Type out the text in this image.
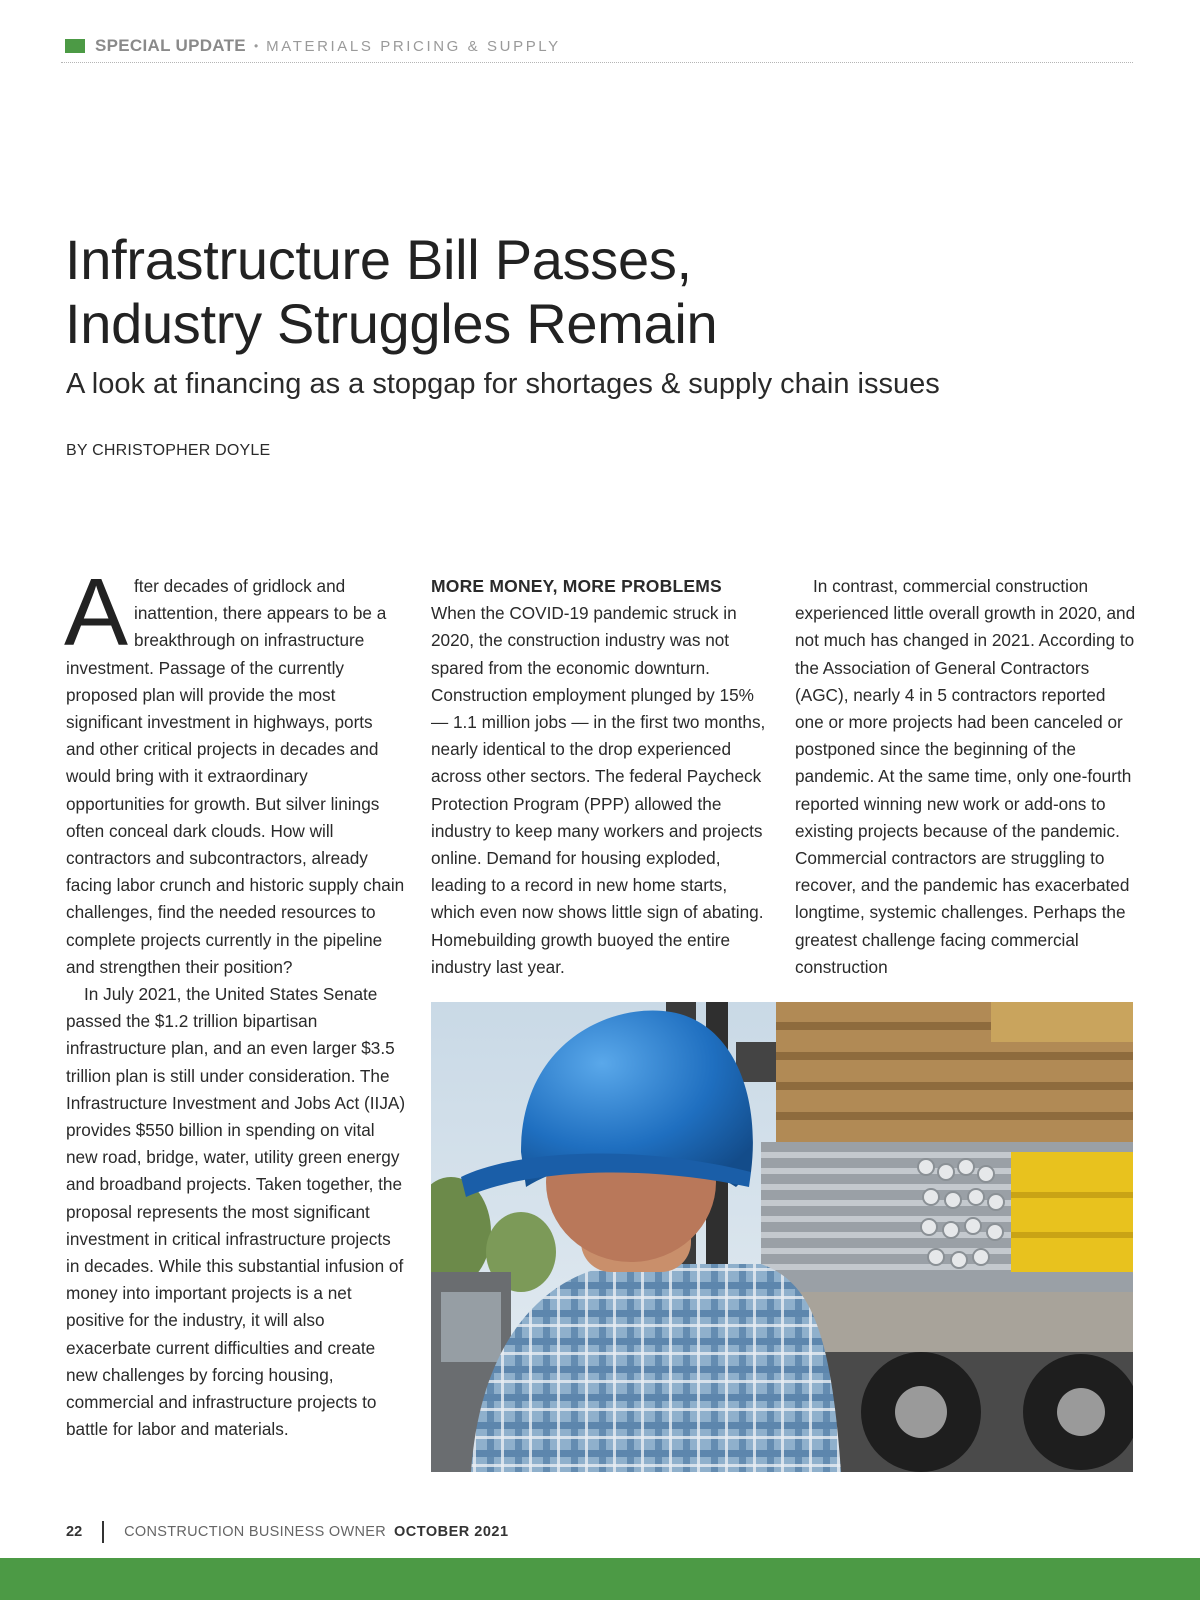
SPECIAL UPDATE • MATERIALS PRICING & SUPPLY
Infrastructure Bill Passes,
Industry Struggles Remain
A look at financing as a stopgap for shortages & supply chain issues
BY CHRISTOPHER DOYLE

After decades of gridlock and inattention, there appears to be a breakthrough on infrastructure investment. Passage of the currently proposed plan will provide the most significant investment in highways, ports and other critical projects in decades and would bring with it extraordinary opportunities for growth. But silver linings often conceal dark clouds. How will contractors and subcontractors, already facing labor crunch and historic supply chain challenges, find the needed resources to complete projects currently in the pipeline and strengthen their position?

In July 2021, the United States Senate passed the $1.2 trillion bipartisan infrastructure plan, and an even larger $3.5 trillion plan is still under consideration. The Infrastructure Investment and Jobs Act (IIJA) provides $550 billion in spending on vital new road, bridge, water, utility green energy and broadband projects. Taken together, the proposal represents the most significant investment in critical infrastructure projects in decades. While this substantial infusion of money into important projects is a net positive for the industry, it will also exacerbate current difficulties and create new challenges by forcing housing, commercial and infrastructure projects to battle for labor and materials.

MORE MONEY, MORE PROBLEMS

When the COVID-19 pandemic struck in 2020, the construction industry was not spared from the economic downturn. Construction employment plunged by 15% — 1.1 million jobs — in the first two months, nearly identical to the drop experienced across other sectors. The federal Paycheck Protection Program (PPP) allowed the industry to keep many workers and projects online. Demand for housing exploded, leading to a record in new home starts, which even now shows little sign of abating. Homebuilding growth buoyed the entire industry last year.

In contrast, commercial construction experienced little overall growth in 2020, and not much has changed in 2021. According to the Association of General Contractors (AGC), nearly 4 in 5 contractors reported one or more projects had been canceled or postponed since the beginning of the pandemic. At the same time, only one-fourth reported winning new work or add-ons to existing projects because of the pandemic. Commercial contractors are struggling to recover, and the pandemic has exacerbated longtime, systemic challenges. Perhaps the greatest challenge facing commercial construction

22	CONSTRUCTION BUSINESS OWNER OCTOBER 2021
